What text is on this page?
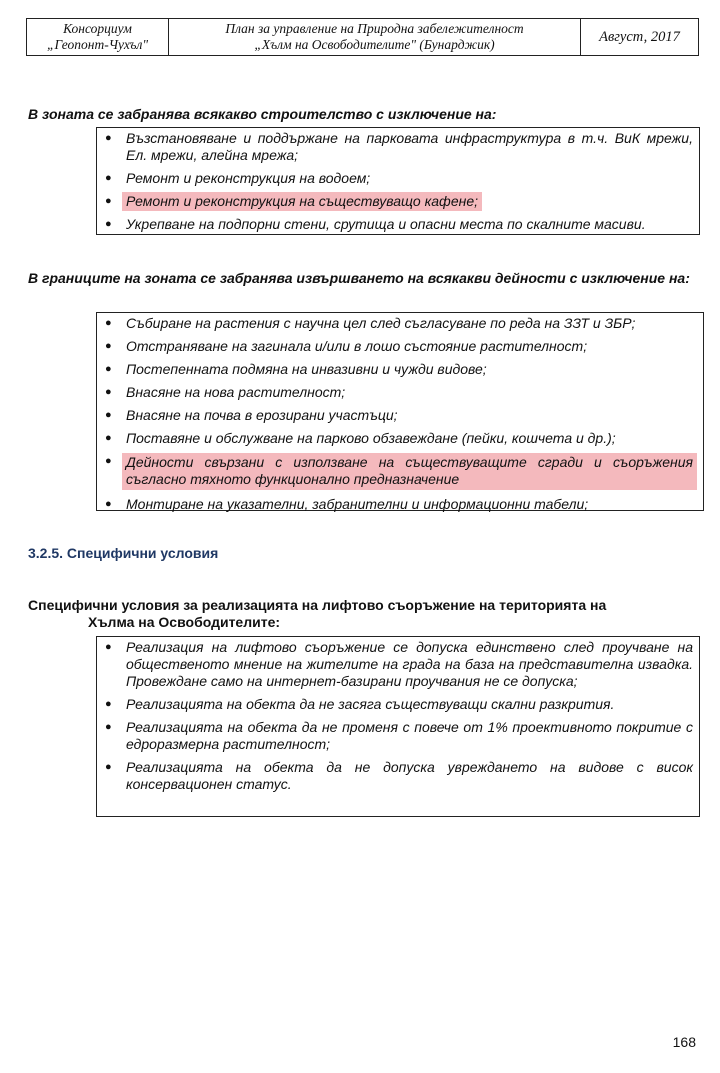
Консорциум
„Геопонт-Чухъл"
План за управление на Природна забележителност
„Хълм на Освободителите" (Бунарджик)	Август, 2017
В зоната се забранява всякакво строителство с изключение на:
● Възстановяване и поддържане на парковата инфраструктура в т.ч. ВиК мрежи, Ел. мрежи, алейна мрежа;
● Ремонт и реконструкция на водоем;
● Ремонт и реконструкция на съществуващо кафене;
● Укрепване на подпорни стени, срутища и опасни места по скалните масиви.
В границите на зоната се забранява извършването на всякакви дейности с изключение на:
● Събиране на растения с научна цел след съгласуване по реда на ЗЗТ и ЗБР;
● Отстраняване на загинала и/или в лошо състояние растителност;
● Постепенната подмяна на инвазивни и чужди видове;
● Внасяне на нова растителност;
● Внасяне на почва в ерозирани участъци;
● Поставяне и обслужване на парково обзавеждане (пейки, кошчета и др.);
● Дейности свързани с използване на съществуващите сгради и съоръжения съгласно тяхното функционално предназначение
● Монтиране на указателни, забранителни и информационни табели;
3.2.5. Специфични условия
Специфични условия за реализацията на лифтово съоръжение на територията на
Хълма на Освободителите:
● Реализация на лифтово съоръжение се допуска единствено след проучване на общественото мнение на жителите на града на база на представителна извадка. Провеждане само на интернет-базирани проучвания не се допуска;
● Реализацията на обекта да не засяга съществуващи скални разкрития.
● Реализацията на обекта да не променя с повече от 1% проективното покритие с едроразмерна растителност;
● Реализацията на обекта да не допуска увреждането на видове с висок консервационен статус.
168
